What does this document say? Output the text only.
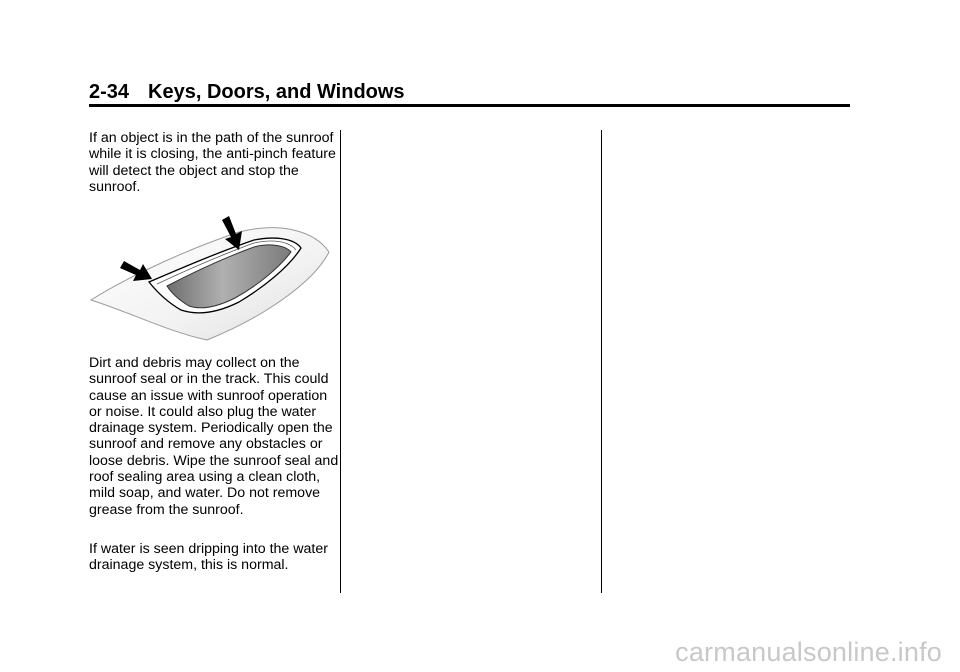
2-34 Keys, Doors, and Windows

If an object is in the path of the sunroof while it is closing, the anti-pinch feature will detect the object and stop the sunroof.

Dirt and debris may collect on the sunroof seal or in the track. This could cause an issue with sunroof operation or noise. It could also plug the water drainage system. Periodically open the sunroof and remove any obstacles or loose debris. Wipe the sunroof seal and roof sealing area using a clean cloth, mild soap, and water. Do not remove grease from the sunroof.

If water is seen dripping into the water drainage system, this is normal.

carmanualsonline.info
